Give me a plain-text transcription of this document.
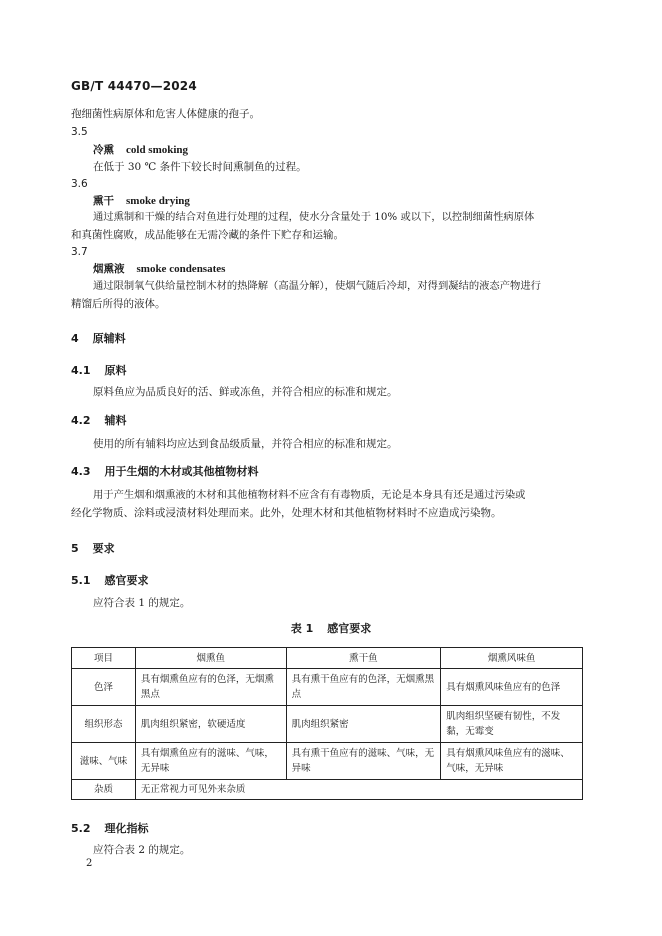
GB/T 44470—2024
孢细菌性病原体和危害人体健康的孢子。
3.5
冷熏 cold smoking
在低于 30 ℃ 条件下较长时间熏制鱼的过程。
3.6
熏干 smoke drying
通过熏制和干燥的结合对鱼进行处理的过程，使水分含量处于 10% 或以下，以控制细菌性病原体
和真菌性腐败，成品能够在无需冷藏的条件下贮存和运输。
3.7
烟熏液 smoke condensates
通过限制氧气供给量控制木材的热降解（高温分解），使烟气随后冷却，对得到凝结的液态产物进行
精馏后所得的液体。
4 原辅料
4.1 原料
原料鱼应为品质良好的活、鲜或冻鱼，并符合相应的标准和规定。
4.2 辅料
使用的所有辅料均应达到食品级质量，并符合相应的标准和规定。
4.3 用于生烟的木材或其他植物材料
用于产生烟和烟熏液的木材和其他植物材料不应含有有毒物质，无论是本身具有还是通过污染或
经化学物质、涂料或浸渍材料处理而来。此外，处理木材和其他植物材料时不应造成污染物。
5 要求
5.1 感官要求
应符合表 1 的规定。
表 1 感官要求
项目	烟熏鱼	熏干鱼	烟熏风味鱼
色泽	具有烟熏鱼应有的色泽，无烟熏黑点	具有熏干鱼应有的色泽，无烟熏黑点	具有烟熏风味鱼应有的色泽
组织形态	肌肉组织紧密，软硬适度	肌肉组织紧密	肌肉组织坚硬有韧性，不发黏，无霉变
滋味、气味	具有烟熏鱼应有的滋味、气味，无异味	具有熏干鱼应有的滋味、气味，无异味	具有烟熏风味鱼应有的滋味、气味，无异味
杂质	无正常视力可见外来杂质		
5.2 理化指标
应符合表 2 的规定。
2
